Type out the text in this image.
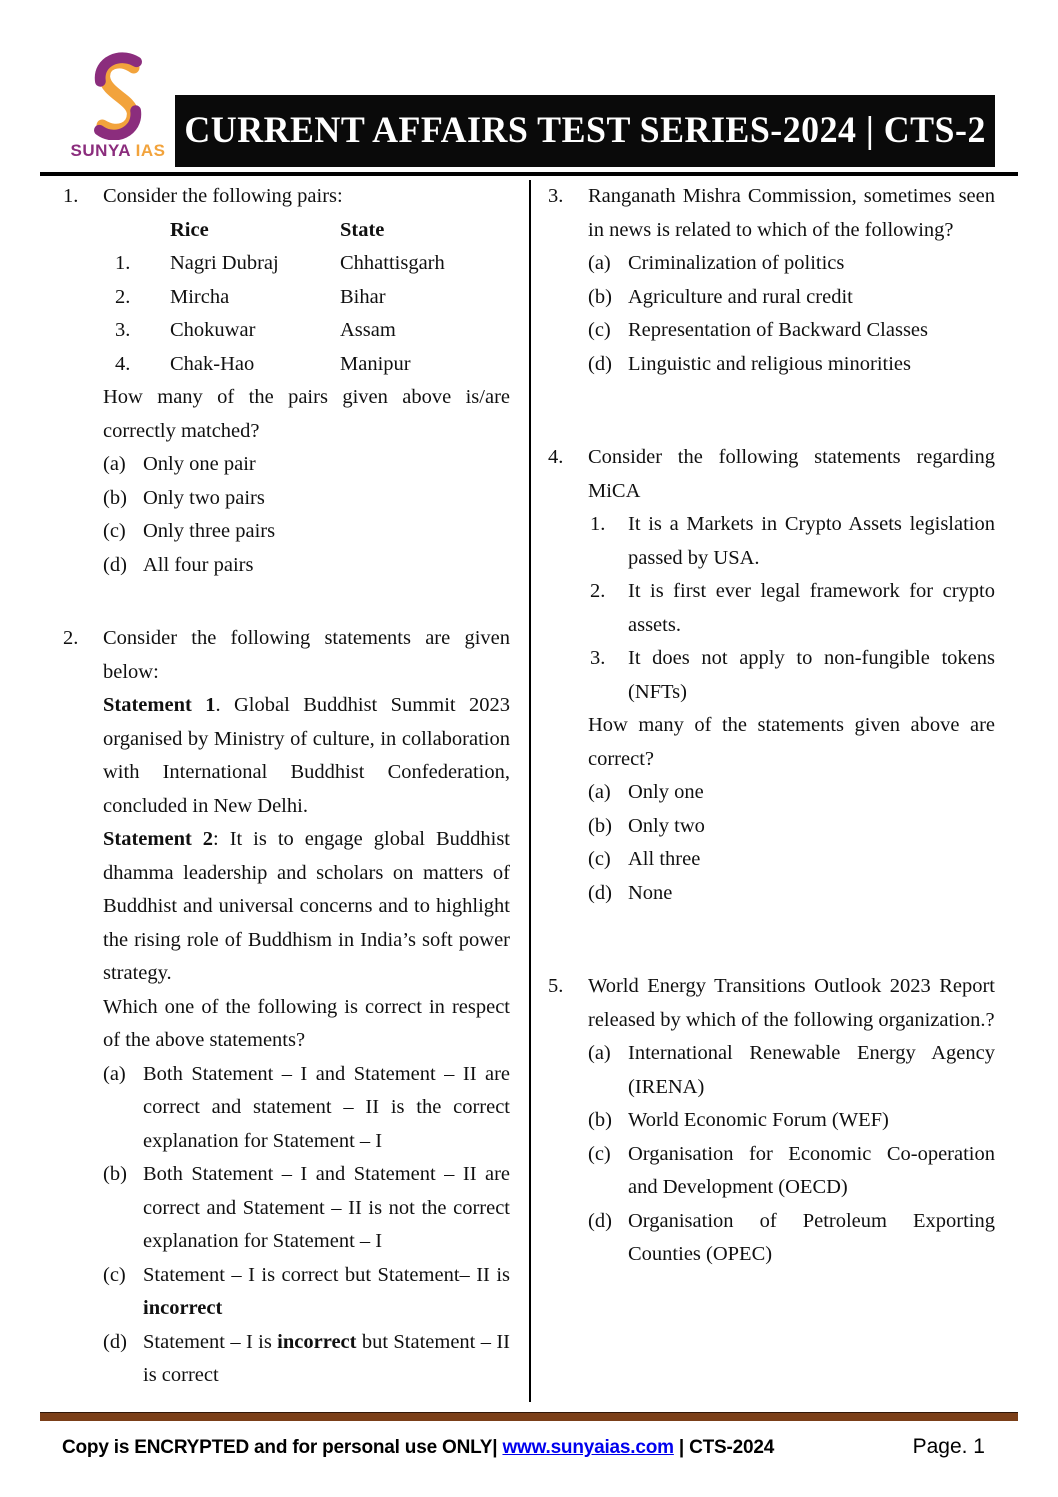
SUNYA IAS CURRENT AFFAIRS TEST SERIES-2024 | CTS-2
1.	Consider the following pairs:

Rice	State
1.	Nagri Dubraj	Chhattisgarh
2.	Mircha	Bihar
3.	Chokuwar	Assam
4.	Chak-Hao	Manipur

How many of the pairs given above is/are correctly matched?

(a) Only one pair

(b) Only two pairs

(c) Only three pairs

(d) All four pairs

2.	Consider the following statements are given below:

Statement 1. Global Buddhist Summit 2023 organised by Ministry of culture, in collaboration with International Buddhist Confederation, concluded in New Delhi.

Statement 2: It is to engage global Buddhist dhamma leadership and scholars on matters of Buddhist and universal concerns and to highlight the rising role of Buddhism in India’s soft power strategy.

Which one of the following is correct in respect of the above statements?

(a) Both Statement – I and Statement – II are correct and statement – II is the correct explanation for Statement – I

(b) Both Statement – I and Statement – II are correct and Statement – II is not the correct explanation for Statement – I

(c) Statement – I is correct but Statement– II is incorrect

(d) Statement – I is incorrect but Statement – II is correct

3.	Ranganath Mishra Commission, sometimes seen in news is related to which of the following?

(a) Criminalization of politics

(b) Agriculture and rural credit

(c) Representation of Backward Classes

(d) Linguistic and religious minorities

4.	Consider the following statements regarding MiCA

1.	It is a Markets in Crypto Assets legislation passed by USA.

2.	It is first ever legal framework for crypto assets.

3.	It does not apply to non-fungible tokens (NFTs)

How many of the statements given above are correct?

(a) Only one

(b) Only two

(c) All three

(d) None

5.	World Energy Transitions Outlook 2023 Report released by which of the following organization.?

(a) International Renewable Energy Agency (IRENA)

(b) World Economic Forum (WEF)

(c) Organisation for Economic Co-operation and Development (OECD)

(d) Organisation of Petroleum Exporting Counties (OPEC)

Copy is ENCRYPTED and for personal use ONLY| www.sunyaias.com | CTS-2024	Page. 1
